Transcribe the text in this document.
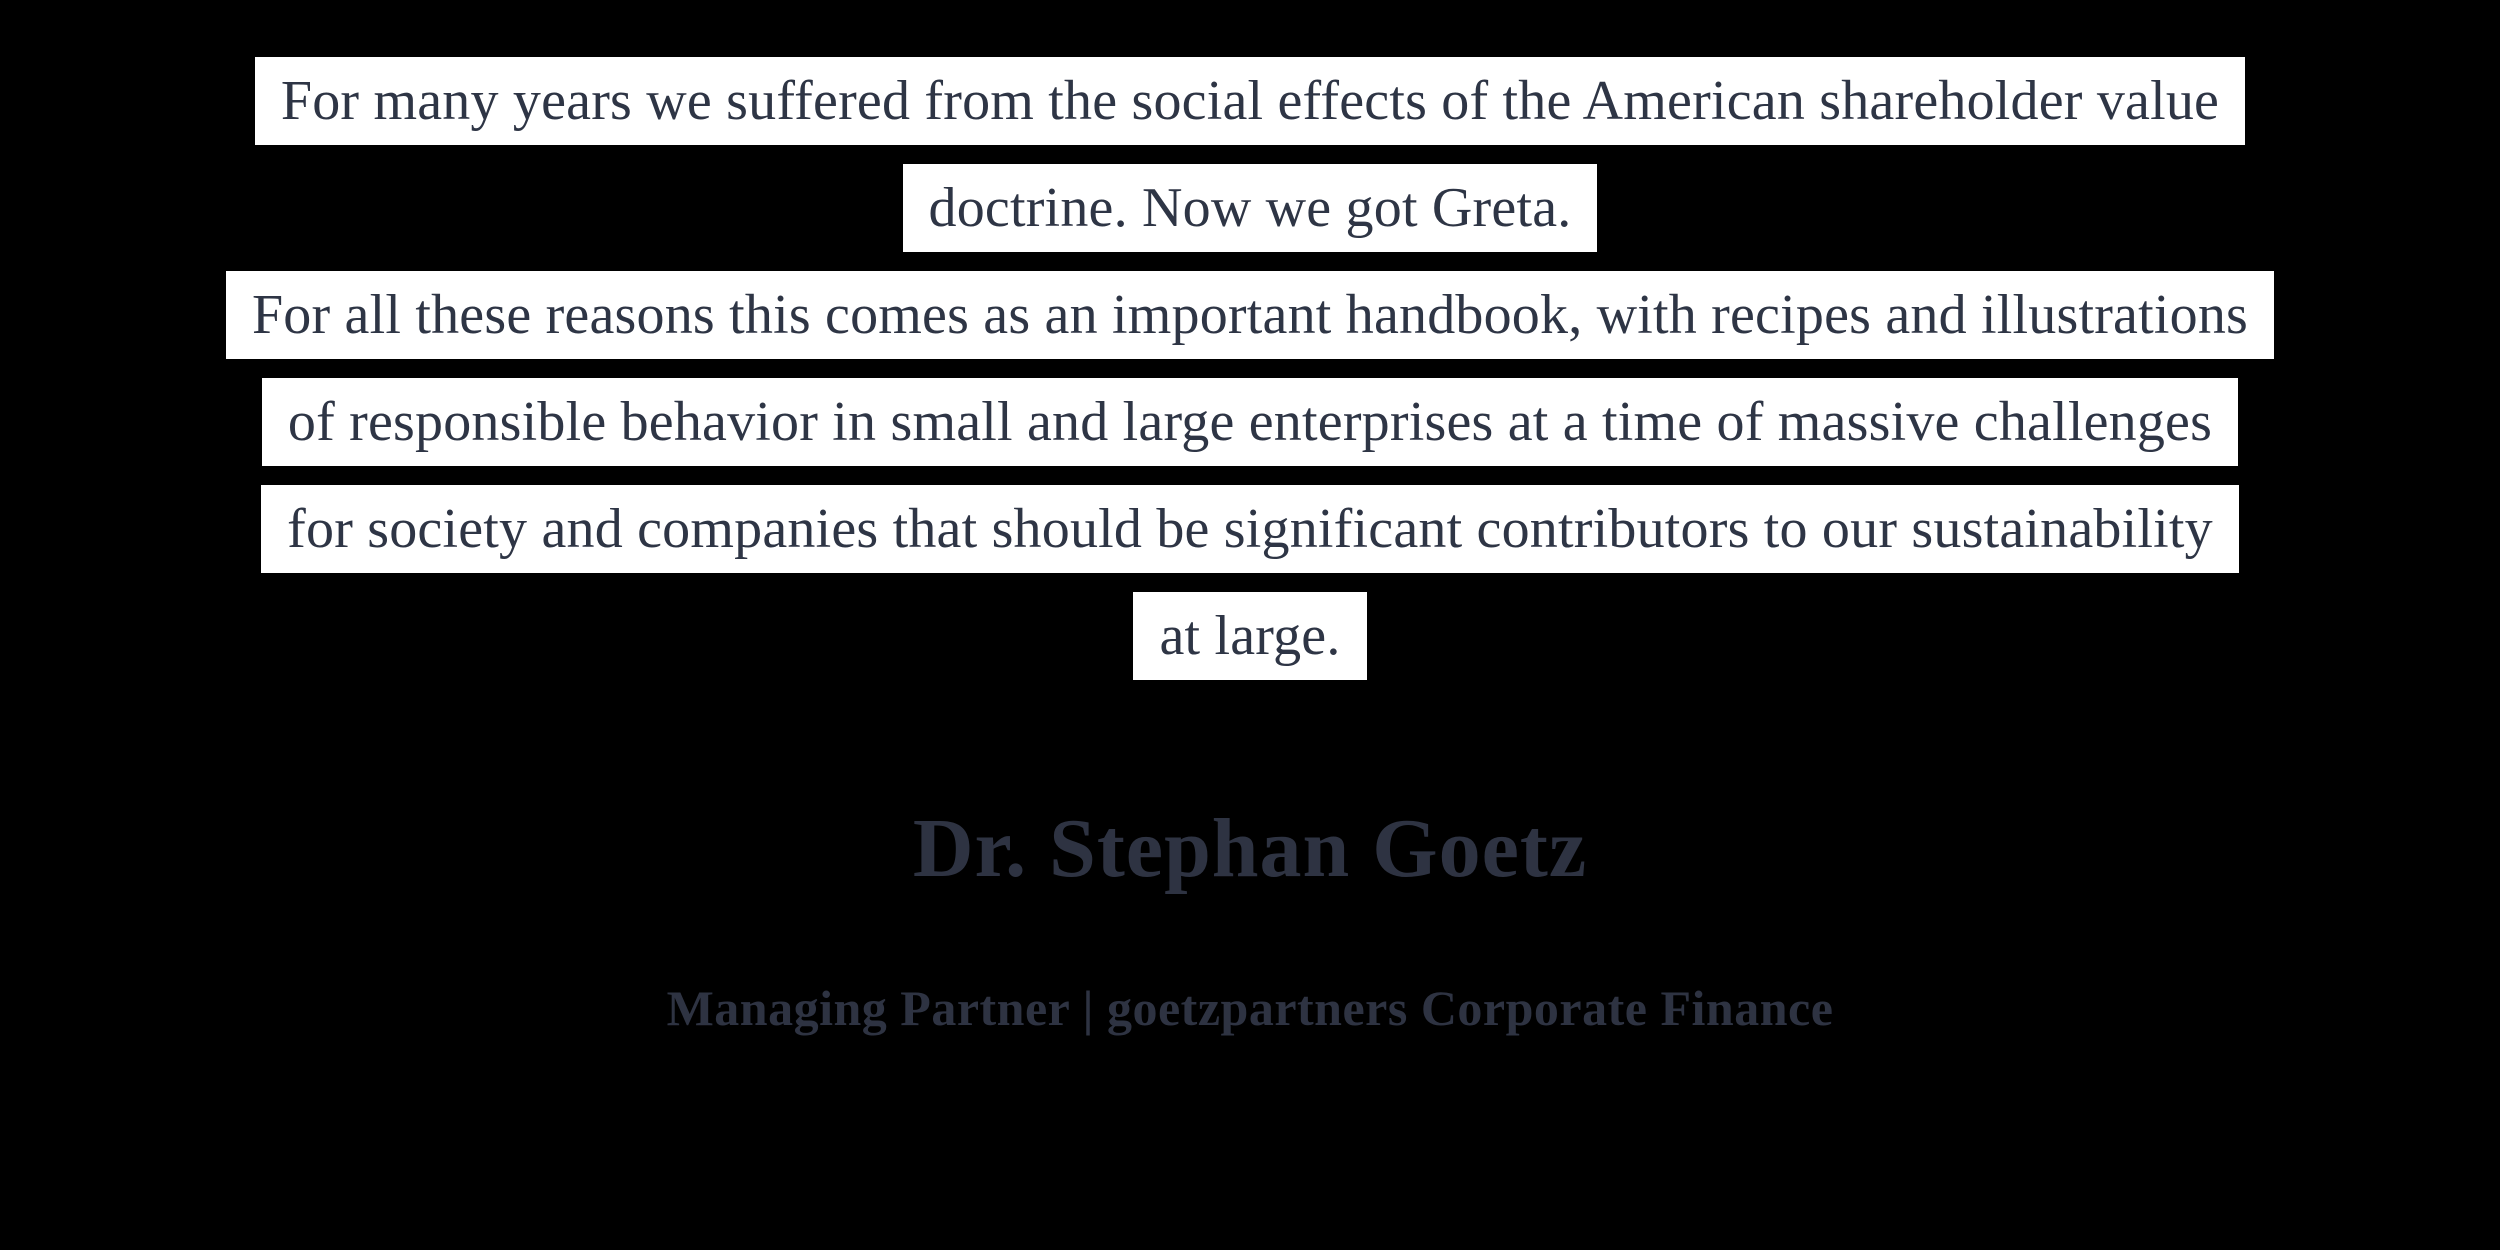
For many years we suffered from the social effects of the American shareholder value
doctrine. Now we got Greta.
For all these reasons this comes as an important handbook, with recipes and illustrations
of responsible behavior in small and large enterprises at a time of massive challenges
for society and companies that should be significant contributors to our sustainability
at large.
Dr. Stephan Goetz
Managing Partner | goetzpartners Corporate Finance
